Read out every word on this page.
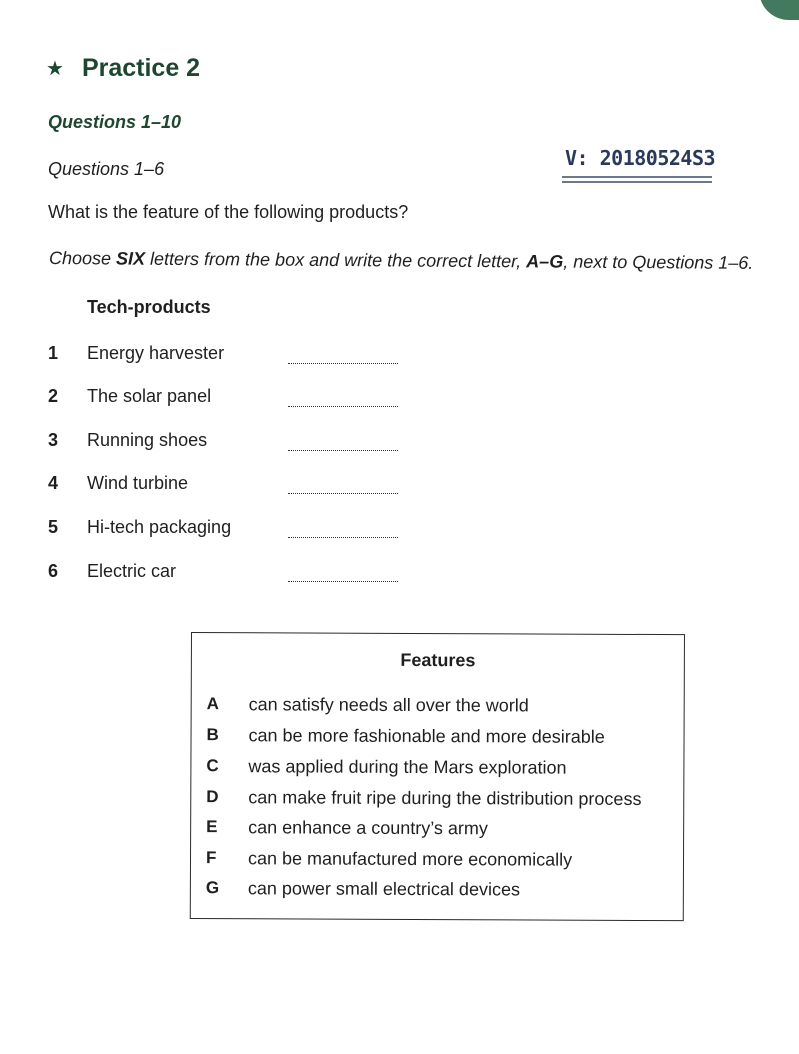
★ Practice 2
Questions 1–10
Questions 1–6	V: 20180524S3
What is the feature of the following products?
Choose SIX letters from the box and write the correct letter, A–G, next to Questions 1–6.
Tech-products
1 Energy harvester
2 The solar panel
3 Running shoes
4 Wind turbine
5 Hi-tech packaging
6 Electric car
Features
A can satisfy needs all over the world
B can be more fashionable and more desirable
C was applied during the Mars exploration
D can make fruit ripe during the distribution process
E can enhance a country’s army
F can be manufactured more economically
G can power small electrical devices
